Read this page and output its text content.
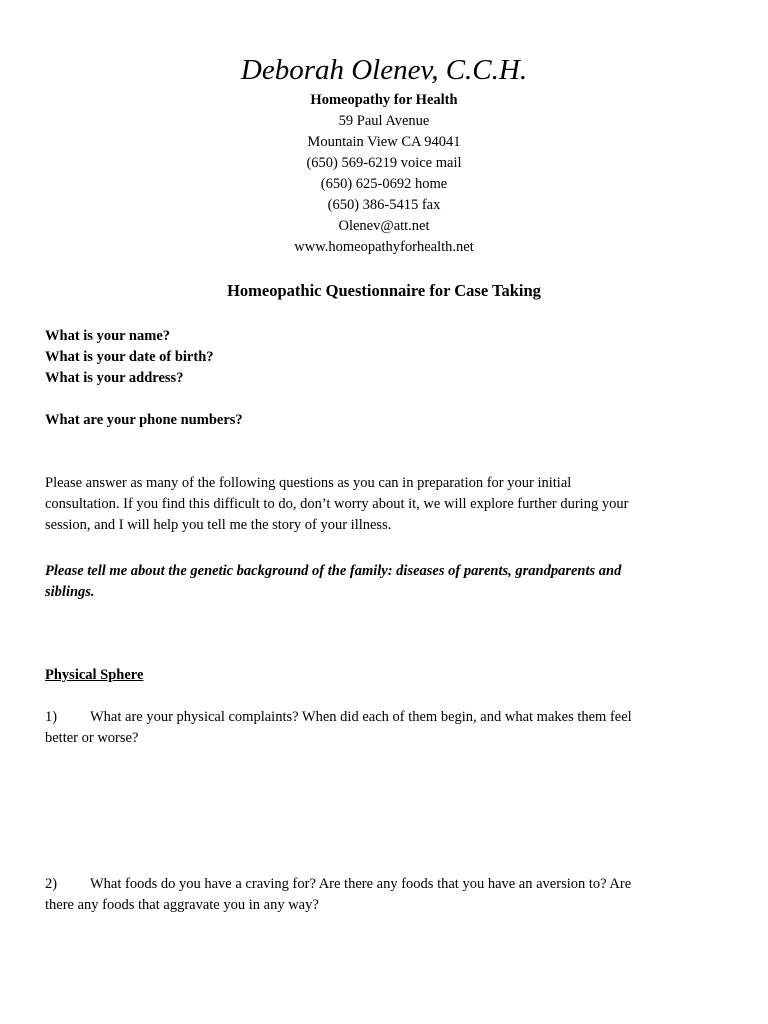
Deborah Olenev, C.C.H.
Homeopathy for Health
59 Paul Avenue
Mountain View CA 94041
(650) 569-6219 voice mail
(650) 625-0692 home
(650) 386-5415 fax
Olenev@att.net
www.homeopathyforhealth.net
Homeopathic Questionnaire for Case Taking
What is your name?
What is your date of birth?
What is your address?
What are your phone numbers?
Please answer as many of the following questions as you can in preparation for your initial
consultation. If you find this difficult to do, don’t worry about it, we will explore further during your
session, and I will help you tell me the story of your illness.
Please tell me about the genetic background of the family: diseases of parents, grandparents and
siblings.
Physical Sphere
1) What are your physical complaints? When did each of them begin, and what makes them feel
better or worse?
2) What foods do you have a craving for? Are there any foods that you have an aversion to? Are
there any foods that aggravate you in any way?
